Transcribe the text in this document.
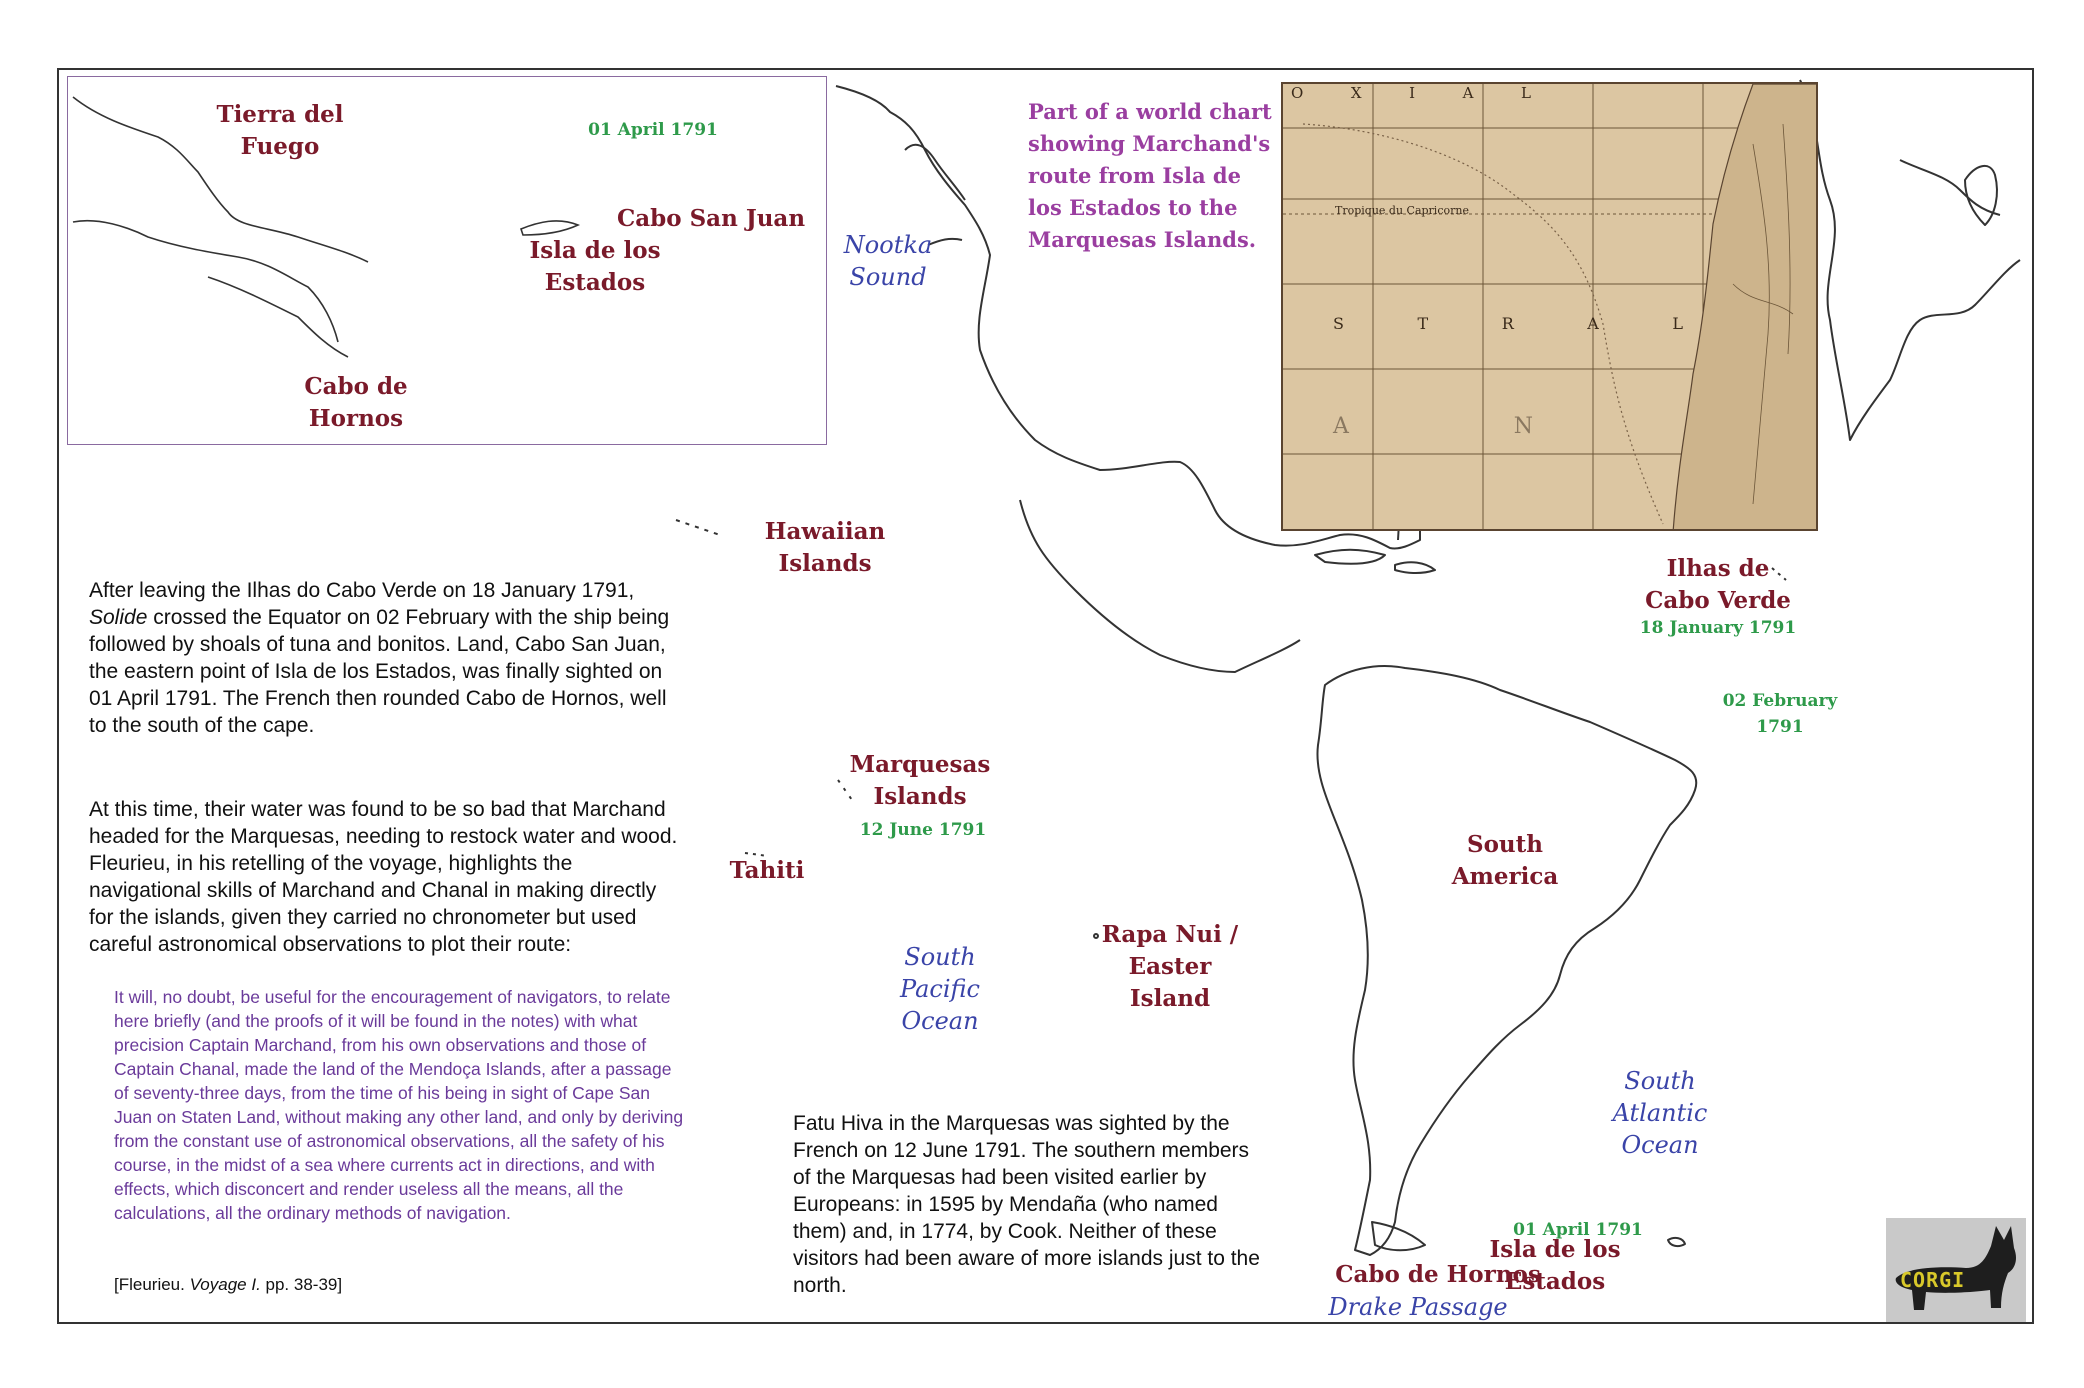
Tierra del
Fuego
01 April 1791
Cabo San Juan
Isla de los
Estados
Cabo de
Hornos
Part of a world chart showing Marchand's route from Isla de los Estados to the Marquesas Islands.
O	X	I	A	L
Tropique du Capricorne
S	T	R	A	L
A	N
Nootka
Sound
Hawaiian Islands	Ilhas de
Cabo Verde
18 January 1791
02 February
1791
Marquesas
Islands
12 June 1791
Tahiti
South
America
Rapa Nui /
Easter Island
South
Pacific
Ocean
South
Atlantic
Ocean
01 April 1791
Isla de los Estados
Cabo de Hornos
Drake Passage

After leaving the Ilhas do Cabo Verde on 18 January 1791, Solide crossed the Equator on 02 February with the ship being followed by shoals of tuna and bonitos. Land, Cabo San Juan, the eastern point of Isla de los Estados, was finally sighted on 01 April 1791. The French then rounded Cabo de Hornos, well to the south of the cape.

At this time, their water was found to be so bad that Marchand headed for the Marquesas, needing to restock water and wood. Fleurieu, in his retelling of the voyage, highlights the navigational skills of Marchand and Chanal in making directly for the islands, given they carried no chronometer but used careful astronomical observations to plot their route:

It will, no doubt, be useful for the encouragement of navigators, to relate here briefly (and the proofs of it will be found in the notes) with what precision Captain Marchand, from his own observations and those of Captain Chanal, made the land of the Mendoça Islands, after a passage of seventy-three days, from the time of his being in sight of Cape San Juan on Staten Land, without making any other land, and only by deriving from the constant use of astronomical observations, all the safety of his course, in the midst of a sea where currents act in directions, and with effects, which disconcert and render useless all the means, all the calculations, all the ordinary methods of navigation.

[Fleurieu. Voyage I. pp. 38-39]

Fatu Hiva in the Marquesas was sighted by the French on 12 June 1791. The southern members of the Marquesas had been visited earlier by Europeans: in 1595 by Mendaña (who named them) and, in 1774, by Cook. Neither of these visitors had been aware of more islands just to the north.	CORGI
